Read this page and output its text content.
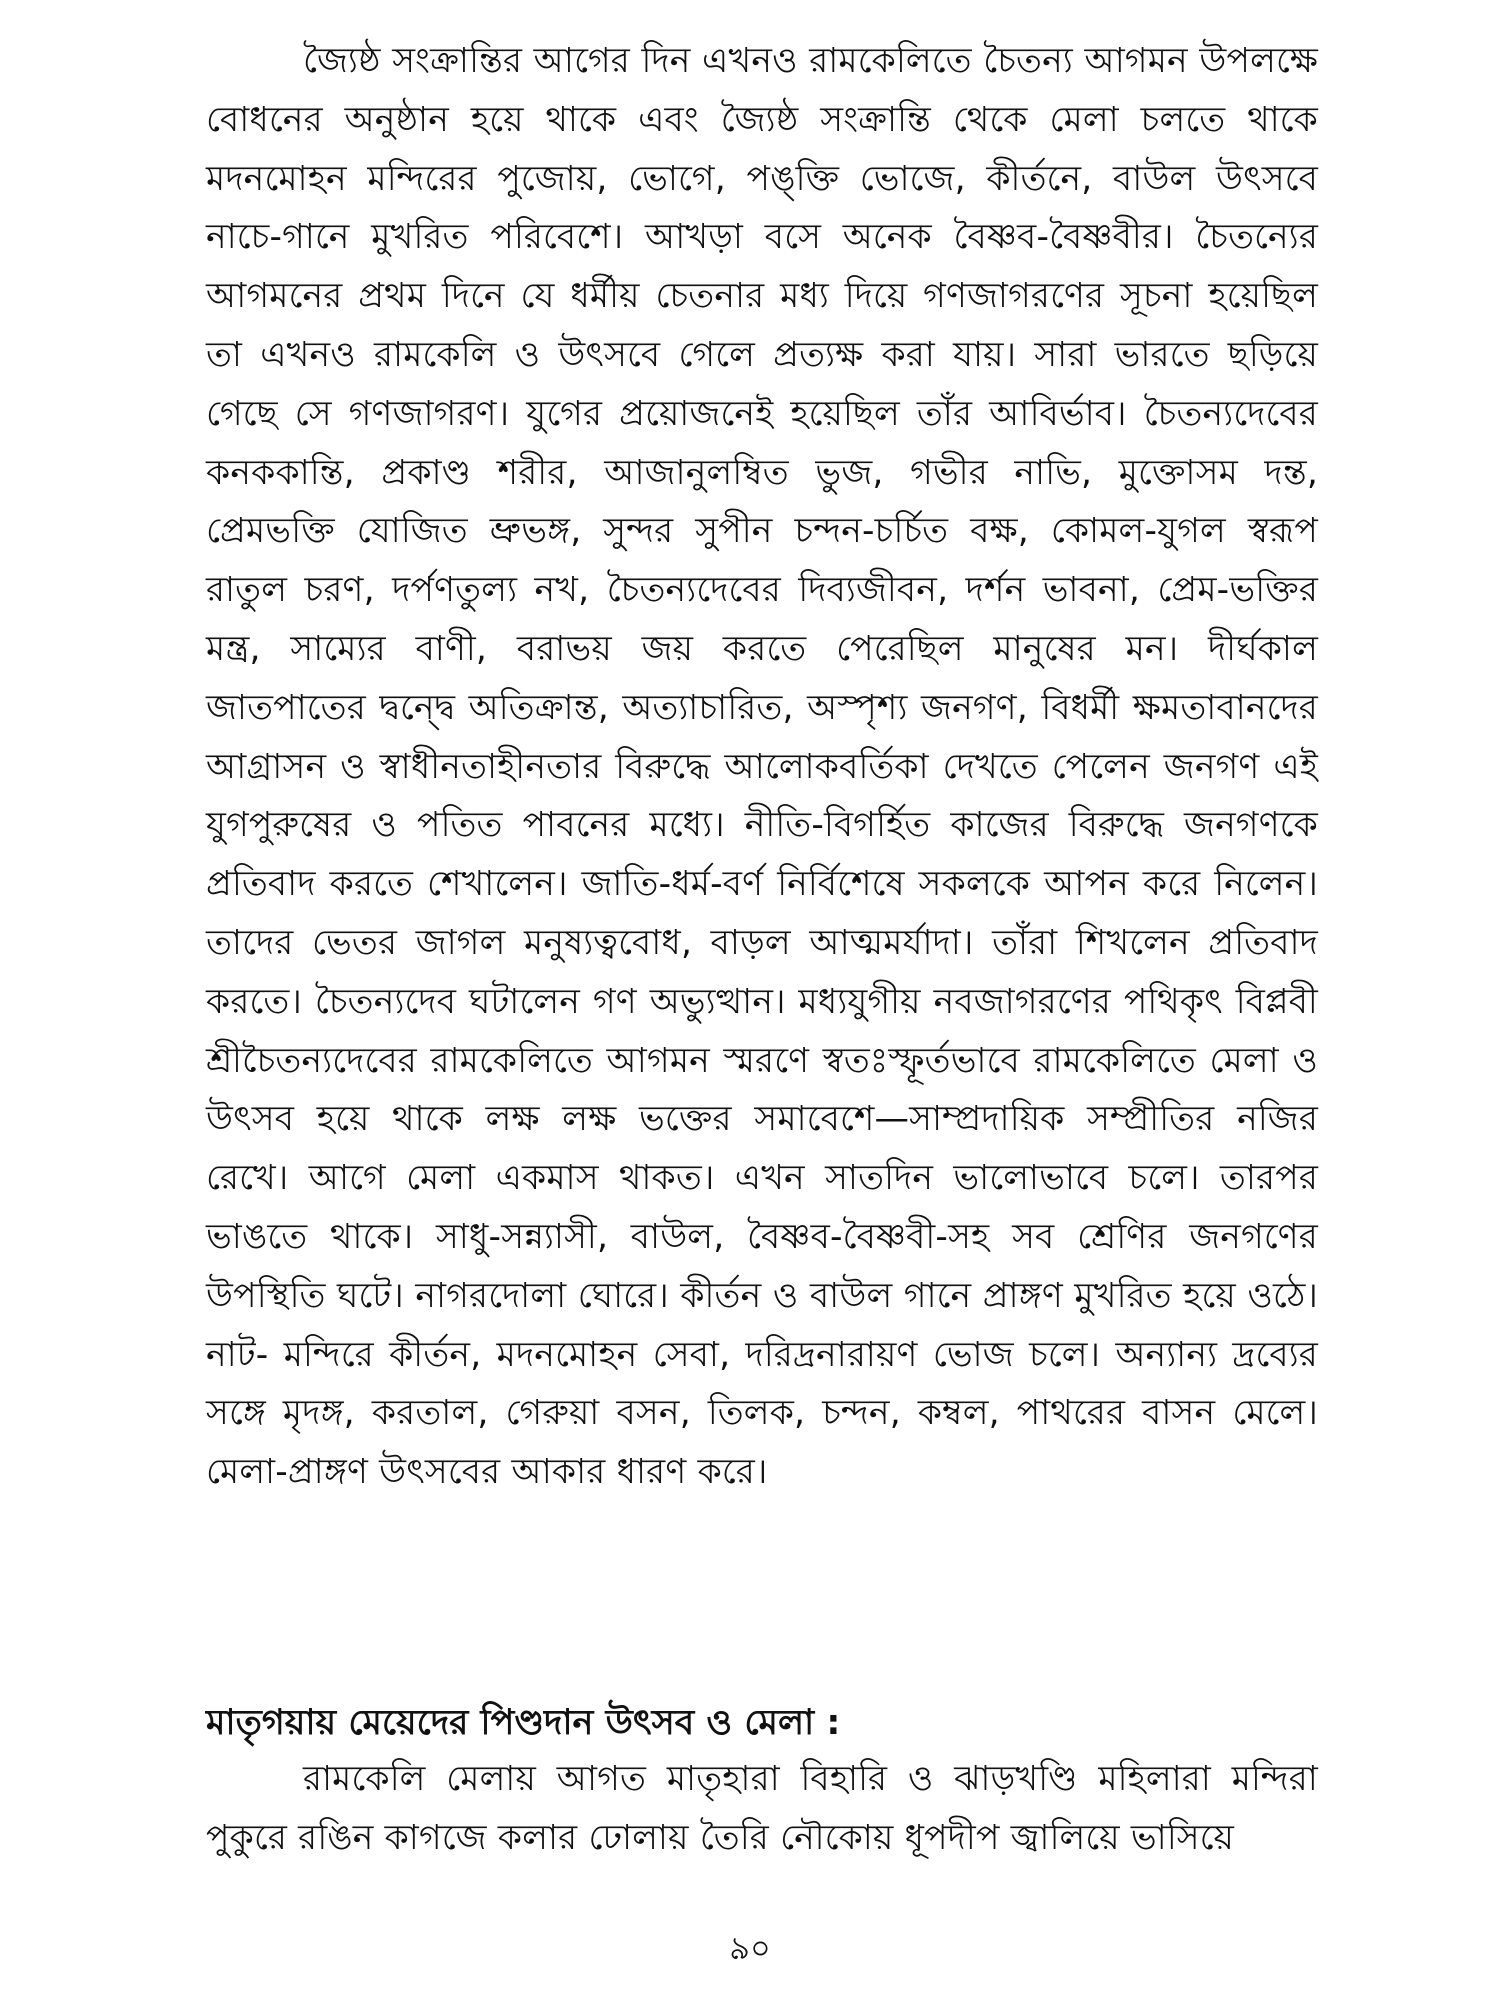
জ্যৈষ্ঠ সংক্রান্তির আগের দিন এখনও রামকেলিতে চৈতন্য আগমন উপলক্ষে বোধনের অনুষ্ঠান হয়ে থাকে এবং জ্যৈষ্ঠ সংক্রান্তি থেকে মেলা চলতে থাকে মদনমোহন মন্দিরের পুজোয়, ভোগে, পঙ্‌ক্তি ভোজে, কীর্তনে, বাউল উৎসবে নাচে-গানে মুখরিত পরিবেশে। আখড়া বসে অনেক বৈষ্ণব-বৈষ্ণবীর। চৈতন্যের আগমনের প্রথম দিনে যে ধর্মীয় চেতনার মধ্য দিয়ে গণজাগরণের সূচনা হয়েছিল তা এখনও রামকেলি ও উৎসবে গেলে প্রত্যক্ষ করা যায়। সারা ভারতে ছড়িয়ে গেছে সে গণজাগরণ। যুগের প্রয়োজনেই হয়েছিল তাঁর আবির্ভাব। চৈতন্যদেবের কনককান্তি, প্রকাণ্ড শরীর, আজানুলম্বিত ভুজ, গভীর নাভি, মুক্তোসম দন্ত, প্রেমভক্তি যোজিত ভ্রুভঙ্গ, সুন্দর সুপীন চন্দন-চর্চিত বক্ষ, কোমল-যুগল স্বরূপ রাতুল চরণ, দর্পণতুল্য নখ, চৈতন্যদেবের দিব্যজীবন, দর্শন ভাবনা, প্রেম-ভক্তির মন্ত্র, সাম্যের বাণী, বরাভয় জয় করতে পেরেছিল মানুষের মন। দীর্ঘকাল জাতপাতের দ্বন্দ্বে অতিক্রান্ত, অত্যাচারিত, অস্পৃশ্য জনগণ, বিধর্মী ক্ষমতাবানদের আগ্রাসন ও স্বাধীনতাহীনতার বিরুদ্ধে আলোকবর্তিকা দেখতে পেলেন জনগণ এই যুগপুরুষের ও পতিত পাবনের মধ্যে। নীতি-বিগর্হিত কাজের বিরুদ্ধে জনগণকে প্রতিবাদ করতে শেখালেন। জাতি-ধর্ম-বর্ণ নির্বিশেষে সকলকে আপন করে নিলেন। তাদের ভেতর জাগল মনুষ্যত্ববোধ, বাড়ল আত্মমর্যাদা। তাঁরা শিখলেন প্রতিবাদ করতে। চৈতন্যদেব ঘটালেন গণ অভ্যুত্থান। মধ্যযুগীয় নবজাগরণের পথিকৃৎ বিপ্লবী শ্রীচৈতন্যদেবের রামকেলিতে আগমন স্মরণে স্বতঃস্ফূর্তভাবে রামকেলিতে মেলা ও উৎসব হয়ে থাকে লক্ষ লক্ষ ভক্তের সমাবেশে—সাম্প্রদায়িক সম্প্রীতির নজির রেখে। আগে মেলা একমাস থাকত। এখন সাতদিন ভালোভাবে চলে। তারপর ভাঙতে থাকে। সাধু-সন্ন্যাসী, বাউল, বৈষ্ণব-বৈষ্ণবী-সহ সব শ্রেণির জনগণের উপস্থিতি ঘটে। নাগরদোলা ঘোরে। কীর্তন ও বাউল গানে প্রাঙ্গণ মুখরিত হয়ে ওঠে। নাট- মন্দিরে কীর্তন, মদনমোহন সেবা, দরিদ্রনারায়ণ ভোজ চলে। অন্যান্য দ্রব্যের সঙ্গে মৃদঙ্গ, করতাল, গেরুয়া বসন, তিলক, চন্দন, কম্বল, পাথরের বাসন মেলে। মেলা-প্রাঙ্গণ উৎসবের আকার ধারণ করে।

মাতৃগয়ায় মেয়েদের পিণ্ডদান উৎসব ও মেলা :

রামকেলি মেলায় আগত মাতৃহারা বিহারি ও ঝাড়খণ্ডি মহিলারা মন্দিরা পুকুরে রঙিন কাগজে কলার ঢোলায় তৈরি নৌকোয় ধূপদীপ জ্বালিয়ে ভাসিয়ে

৯০
